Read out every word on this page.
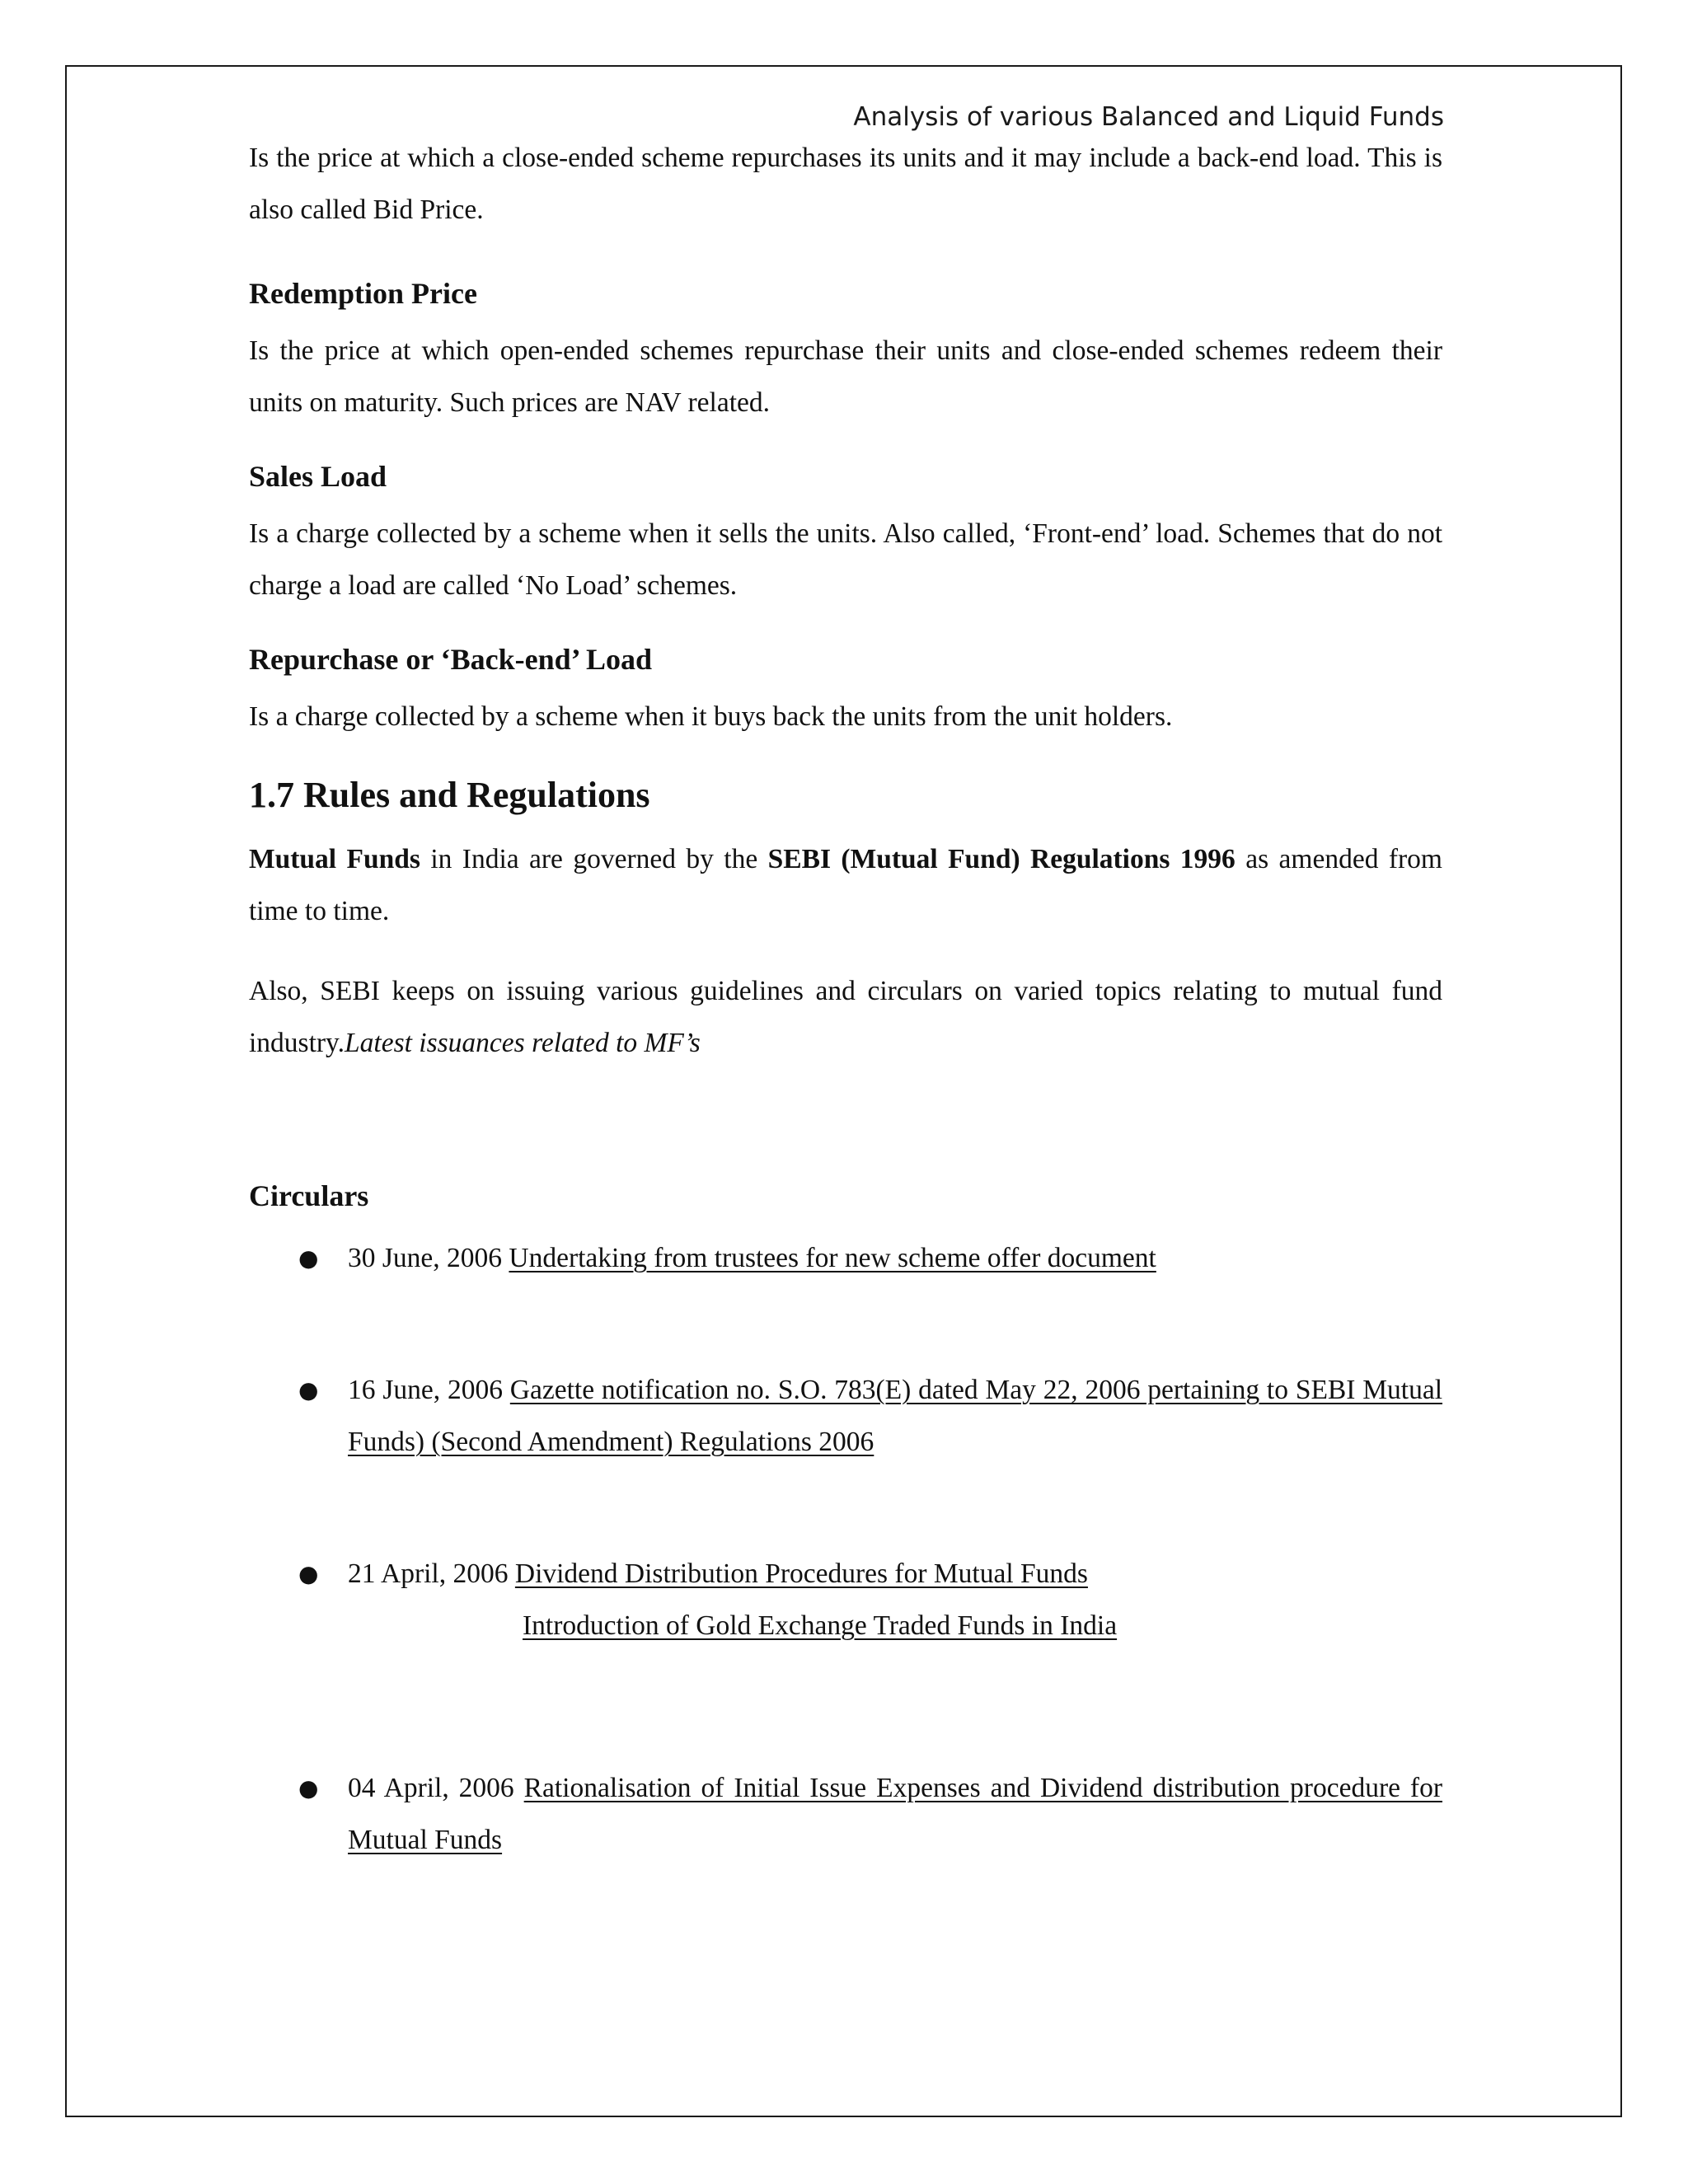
Analysis of various Balanced and Liquid Funds

Is the price at which a close-ended scheme repurchases its units and it may include a back-end load. This is also called Bid Price.

Redemption Price

Is the price at which open-ended schemes repurchase their units and close-ended schemes redeem their units on maturity. Such prices are NAV related.

Sales Load

Is a charge collected by a scheme when it sells the units. Also called, ‘Front-end’ load. Schemes that do not charge a load are called ‘No Load’ schemes.

Repurchase or ‘Back-end’ Load

Is a charge collected by a scheme when it buys back the units from the unit holders.

1.7 Rules and Regulations

Mutual Funds in India are governed by the SEBI (Mutual Fund) Regulations 1996 as amended from time to time.

Also, SEBI keeps on issuing various guidelines and circulars on varied topics relating to mutual fund industry.Latest issuances related to MF’s

Circulars
● 30 June, 2006 Undertaking from trustees for new scheme offer document
● 16 June, 2006 Gazette notification no. S.O. 783(E) dated May 22, 2006 pertaining to SEBI Mutual Funds) (Second Amendment) Regulations 2006
● 21 April, 2006 Dividend Distribution Procedures for Mutual Funds
Introduction of Gold Exchange Traded Funds in India
● 04 April, 2006 Rationalisation of Initial Issue Expenses and Dividend distribution procedure for Mutual Funds
